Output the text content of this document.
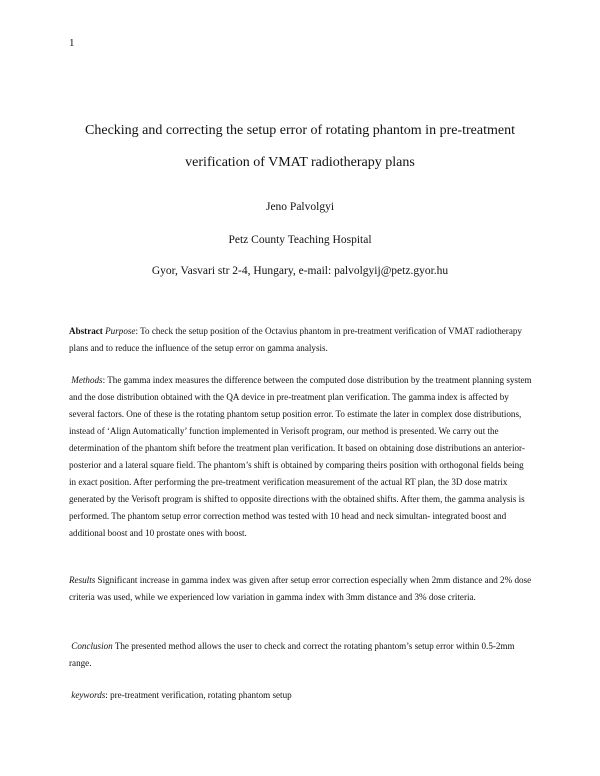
1
Checking and correcting the setup error of rotating phantom in pre-treatment
verification of VMAT radiotherapy plans
Jeno Palvolgyi
Petz County Teaching Hospital
Gyor, Vasvari str 2-4, Hungary, e-mail: palvolgyij@petz.gyor.hu
Abstract Purpose: To check the setup position of the Octavius phantom in pre-treatment verification of VMAT radiotherapy plans and to reduce the influence of the setup error on gamma analysis.
Methods: The gamma index measures the difference between the computed dose distribution by the treatment planning system and the dose distribution obtained with the QA device in pre-treatment plan verification. The gamma index is affected by several factors. One of these is the rotating phantom setup position error. To estimate the later in complex dose distributions, instead of ‘Align Automatically’ function implemented in Verisoft program, our method is presented. We carry out the determination of the phantom shift before the treatment plan verification. It based on obtaining dose distributions an anterior-posterior and a lateral square field. The phantom’s shift is obtained by comparing theirs position with orthogonal fields being in exact position. After performing the pre-treatment verification measurement of the actual RT plan, the 3D dose matrix generated by the Verisoft program is shifted to opposite directions with the obtained shifts. After them, the gamma analysis is performed. The phantom setup error correction method was tested with 10 head and neck simultan- integrated boost and additional boost and 10 prostate ones with boost.
Results Significant increase in gamma index was given after setup error correction especially when 2mm distance and 2% dose criteria was used, while we experienced low variation in gamma index with 3mm distance and 3% dose criteria.
Conclusion The presented method allows the user to check and correct the rotating phantom’s setup error within 0.5-2mm range.
keywords: pre-treatment verification, rotating phantom setup
